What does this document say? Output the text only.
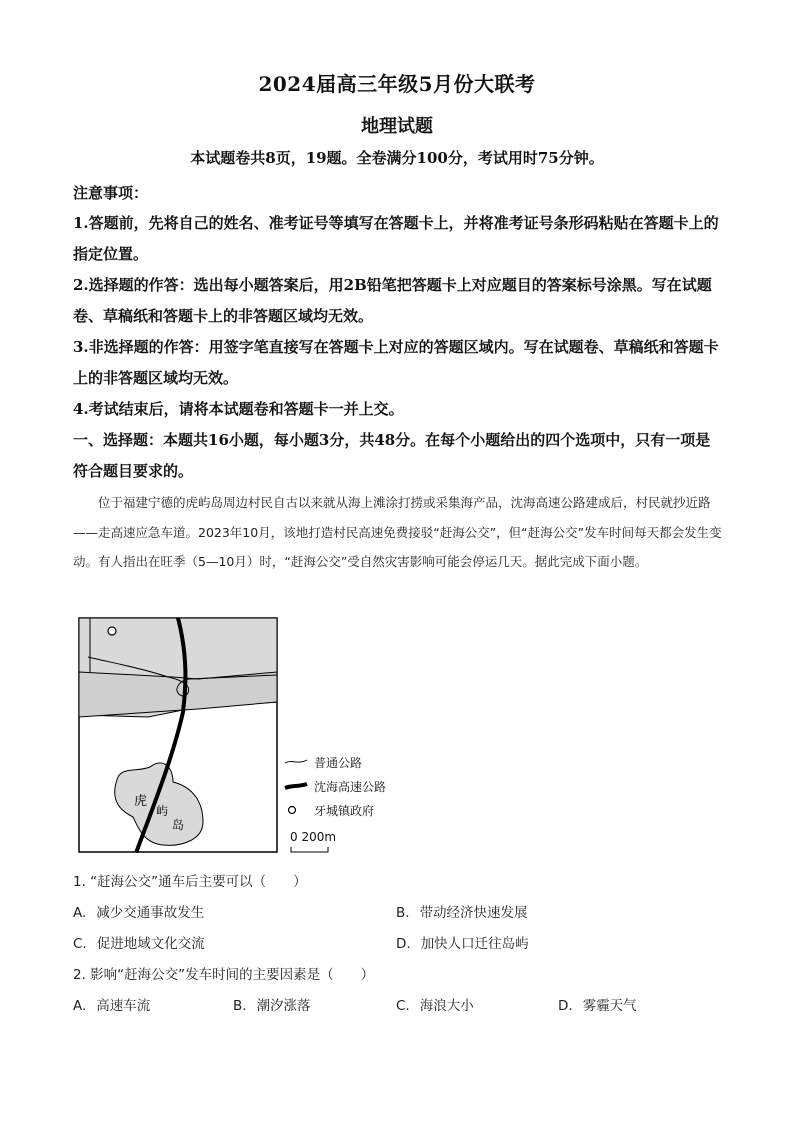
2024届高三年级5月份大联考
地理试题
本试题卷共8页，19题。全卷满分100分，考试用时75分钟。
注意事项：
1.答题前，先将自己的姓名、准考证号等填写在答题卡上，并将准考证号条形码粘贴在答题卡上的指定位置。
2.选择题的作答：选出每小题答案后，用2B铅笔把答题卡上对应题目的答案标号涂黑。写在试题卷、草稿纸和答题卡上的非答题区域均无效。
3.非选择题的作答：用签字笔直接写在答题卡上对应的答题区域内。写在试题卷、草稿纸和答题卡上的非答题区域均无效。
4.考试结束后，请将本试题卷和答题卡一并上交。
一、选择题：本题共16小题，每小题3分，共48分。在每个小题给出的四个选项中，只有一项是符合题目要求的。
位于福建宁德的虎屿岛周边村民自古以来就从海上滩涂打捞或采集海产品，沈海高速公路建成后，村民就抄近路——走高速应急车道。2023年10月，该地打造村民高速免费接驳“赶海公交”，但“赶海公交”发车时间每天都会发生变动。有人指出在旺季（5—10月）时，“赶海公交”受自然灾害影响可能会停运几天。据此完成下面小题。
虎
屿
岛
普通公路
沈海高速公路
牙城镇政府
0 200m
1. “赶海公交”通车后主要可以（　　）
A. 减少交通事故发生	B. 带动经济快速发展
C. 促进地域文化交流	D. 加快人口迁往岛屿
2. 影响“赶海公交”发车时间的主要因素是（　　）
A. 高速车流	B. 潮汐涨落	C. 海浪大小	D. 雾霾天气
